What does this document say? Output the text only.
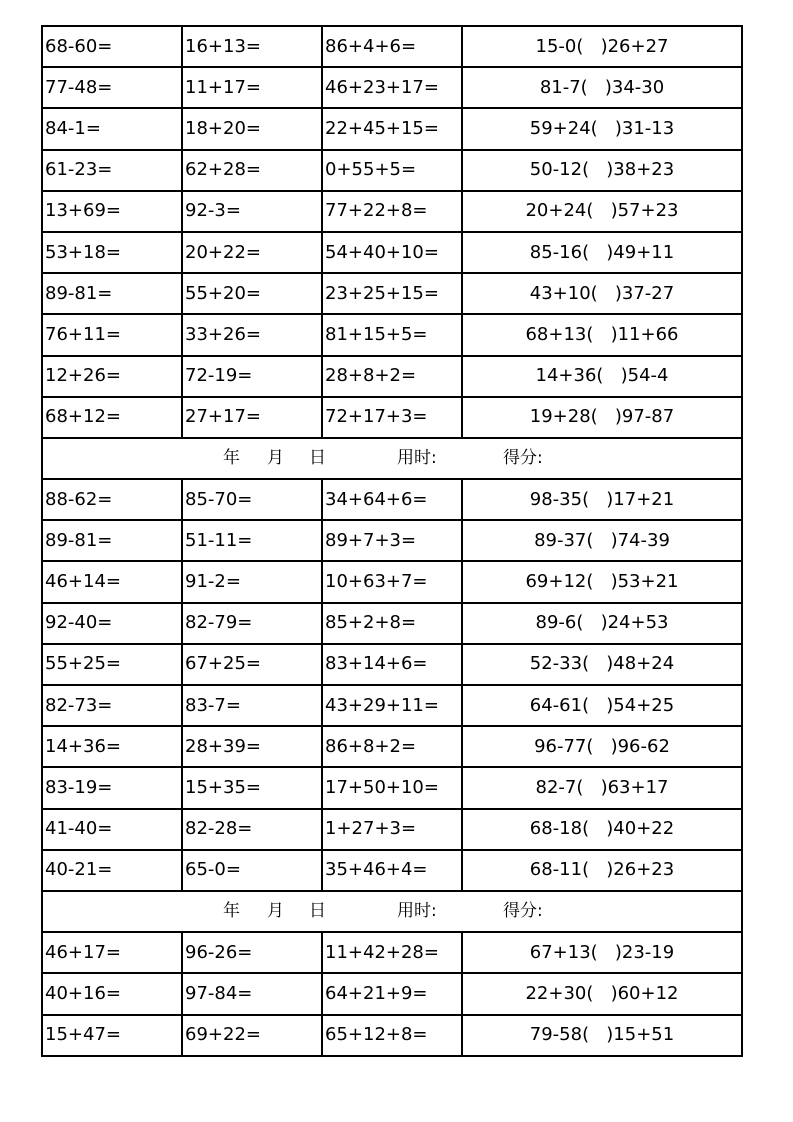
68-60=	16+13=	86+4+6=	15-0( )26+27
77-48=	11+17=	46+23+17=	81-7( )34-30
84-1=	18+20=	22+45+15=	59+24( )31-13
61-23=	62+28=	0+55+5=	50-12( )38+23
13+69=	92-3=	77+22+8=	20+24( )57+23
53+18=	20+22=	54+40+10=	85-16( )49+11
89-81=	55+20=	23+25+15=	43+10( )37-27
76+11=	33+26=	81+15+5=	68+13( )11+66
12+26=	72-19=	28+8+2=	14+36( )54-4
68+12=	27+17=	72+17+3=	19+28( )97-87

年 月 日 用时: 得分:			

88-62=	85-70=	34+64+6=	98-35( )17+21
89-81=	51-11=	89+7+3=	89-37( )74-39
46+14=	91-2=	10+63+7=	69+12( )53+21
92-40=	82-79=	85+2+8=	89-6( )24+53
55+25=	67+25=	83+14+6=	52-33( )48+24
82-73=	83-7=	43+29+11=	64-61( )54+25
14+36=	28+39=	86+8+2=	96-77( )96-62
83-19=	15+35=	17+50+10=	82-7( )63+17
41-40=	82-28=	1+27+3=	68-18( )40+22
40-21=	65-0=	35+46+4=	68-11( )26+23

年 月 日 用时: 得分:			

46+17=	96-26=	11+42+28=	67+13( )23-19
40+16=	97-84=	64+21+9=	22+30( )60+12
15+47=	69+22=	65+12+8=	79-58( )15+51
